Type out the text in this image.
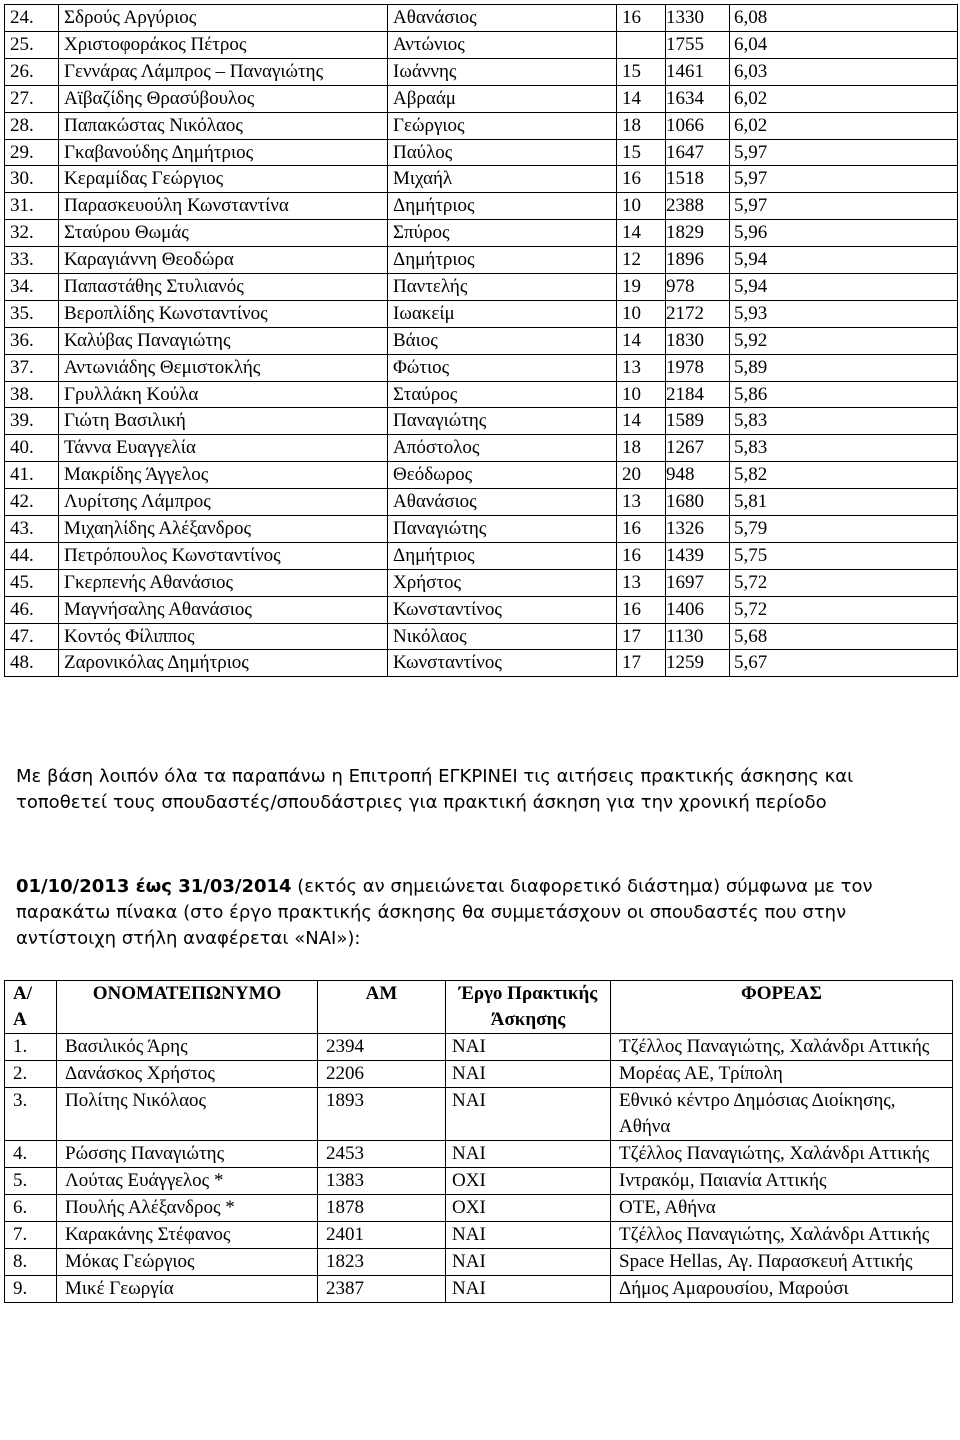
24.	Σδρούς Αργύριος	Αθανάσιος	16	1330	6,08
25.	Χριστοφοράκος Πέτρος	Αντώνιος		1755	6,04
26.	Γεννάρας Λάμπρος – Παναγιώτης	Ιωάννης	15	1461	6,03
27.	Αϊβαζίδης Θρασύβουλος	Αβραάμ	14	1634	6,02
28.	Παπακώστας Νικόλαος	Γεώργιος	18	1066	6,02
29.	Γκαβανούδης Δημήτριος	Παύλος	15	1647	5,97
30.	Κεραμίδας Γεώργιος	Μιχαήλ	16	1518	5,97
31.	Παρασκευούλη Κωνσταντίνα	Δημήτριος	10	2388	5,97
32.	Σταύρου Θωμάς	Σπύρος	14	1829	5,96
33.	Καραγιάννη Θεοδώρα	Δημήτριος	12	1896	5,94
34.	Παπαστάθης Στυλιανός	Παντελής	19	978	5,94
35.	Βεροπλίδης Κωνσταντίνος	Ιωακείμ	10	2172	5,93
36.	Καλύβας Παναγιώτης	Βάιος	14	1830	5,92
37.	Αντωνιάδης Θεμιστοκλής	Φώτιος	13	1978	5,89
38.	Γρυλλάκη Κούλα	Σταύρος	10	2184	5,86
39.	Γιώτη Βασιλική	Παναγιώτης	14	1589	5,83
40.	Τάννα Ευαγγελία	Απόστολος	18	1267	5,83
41.	Μακρίδης Άγγελος	Θεόδωρος	20	948	5,82
42.	Λυρίτσης Λάμπρος	Αθανάσιος	13	1680	5,81
43.	Μιχαηλίδης Αλέξανδρος	Παναγιώτης	16	1326	5,79
44.	Πετρόπουλος Κωνσταντίνος	Δημήτριος	16	1439	5,75
45.	Γκερπενής Αθανάσιος	Χρήστος	13	1697	5,72
46.	Μαγνήσαλης Αθανάσιος	Κωνσταντίνος	16	1406	5,72
47.	Κοντός Φίλιππος	Νικόλαος	17	1130	5,68
48.	Ζαρονικόλας Δημήτριος	Κωνσταντίνος	17	1259	5,67

Με βάση λοιπόν όλα τα παραπάνω η Επιτροπή ΕΓΚΡΙΝΕΙ τις αιτήσεις πρακτικής άσκησης και τοποθετεί τους σπουδαστές/σπουδάστριες για πρακτική άσκηση για την χρονική περίοδο

01/10/2013 έως 31/03/2014 (εκτός αν σημειώνεται διαφορετικό διάστημα) σύμφωνα με τον παρακάτω πίνακα (στο έργο πρακτικής άσκησης θα συμμετάσχουν οι σπουδαστές που στην αντίστοιχη στήλη αναφέρεται «ΝΑΙ»):

Α/ Α	ΟΝΟΜΑΤΕΠΩΝΥΜΟ	ΑΜ	Έργο Πρακτικής Άσκησης	ΦΟΡΕΑΣ
1.	Βασιλικός Άρης	2394	ΝΑΙ	Τζέλλος Παναγιώτης, Χαλάνδρι Αττικής
2.	Δανάσκος Χρήστος	2206	ΝΑΙ	Μορέας ΑΕ, Τρίπολη
3.	Πολίτης Νικόλαος	1893	ΝΑΙ	Εθνικό κέντρο Δημόσιας Διοίκησης, Αθήνα
4.	Ρώσσης Παναγιώτης	2453	ΝΑΙ	Τζέλλος Παναγιώτης, Χαλάνδρι Αττικής
5.	Λούτας Ευάγγελος *	1383	ΟΧΙ	Ιντρακόμ, Παιανία Αττικής
6.	Πουλής Αλέξανδρος *	1878	ΟΧΙ	ΟΤΕ, Αθήνα
7.	Καρακάνης Στέφανος	2401	ΝΑΙ	Τζέλλος Παναγιώτης, Χαλάνδρι Αττικής
8.	Μόκας Γεώργιος	1823	ΝΑΙ	Space Hellas, Αγ. Παρασκευή Αττικής
9.	Μικέ Γεωργία	2387	ΝΑΙ	Δήμος Αμαρουσίου, Μαρούσι
